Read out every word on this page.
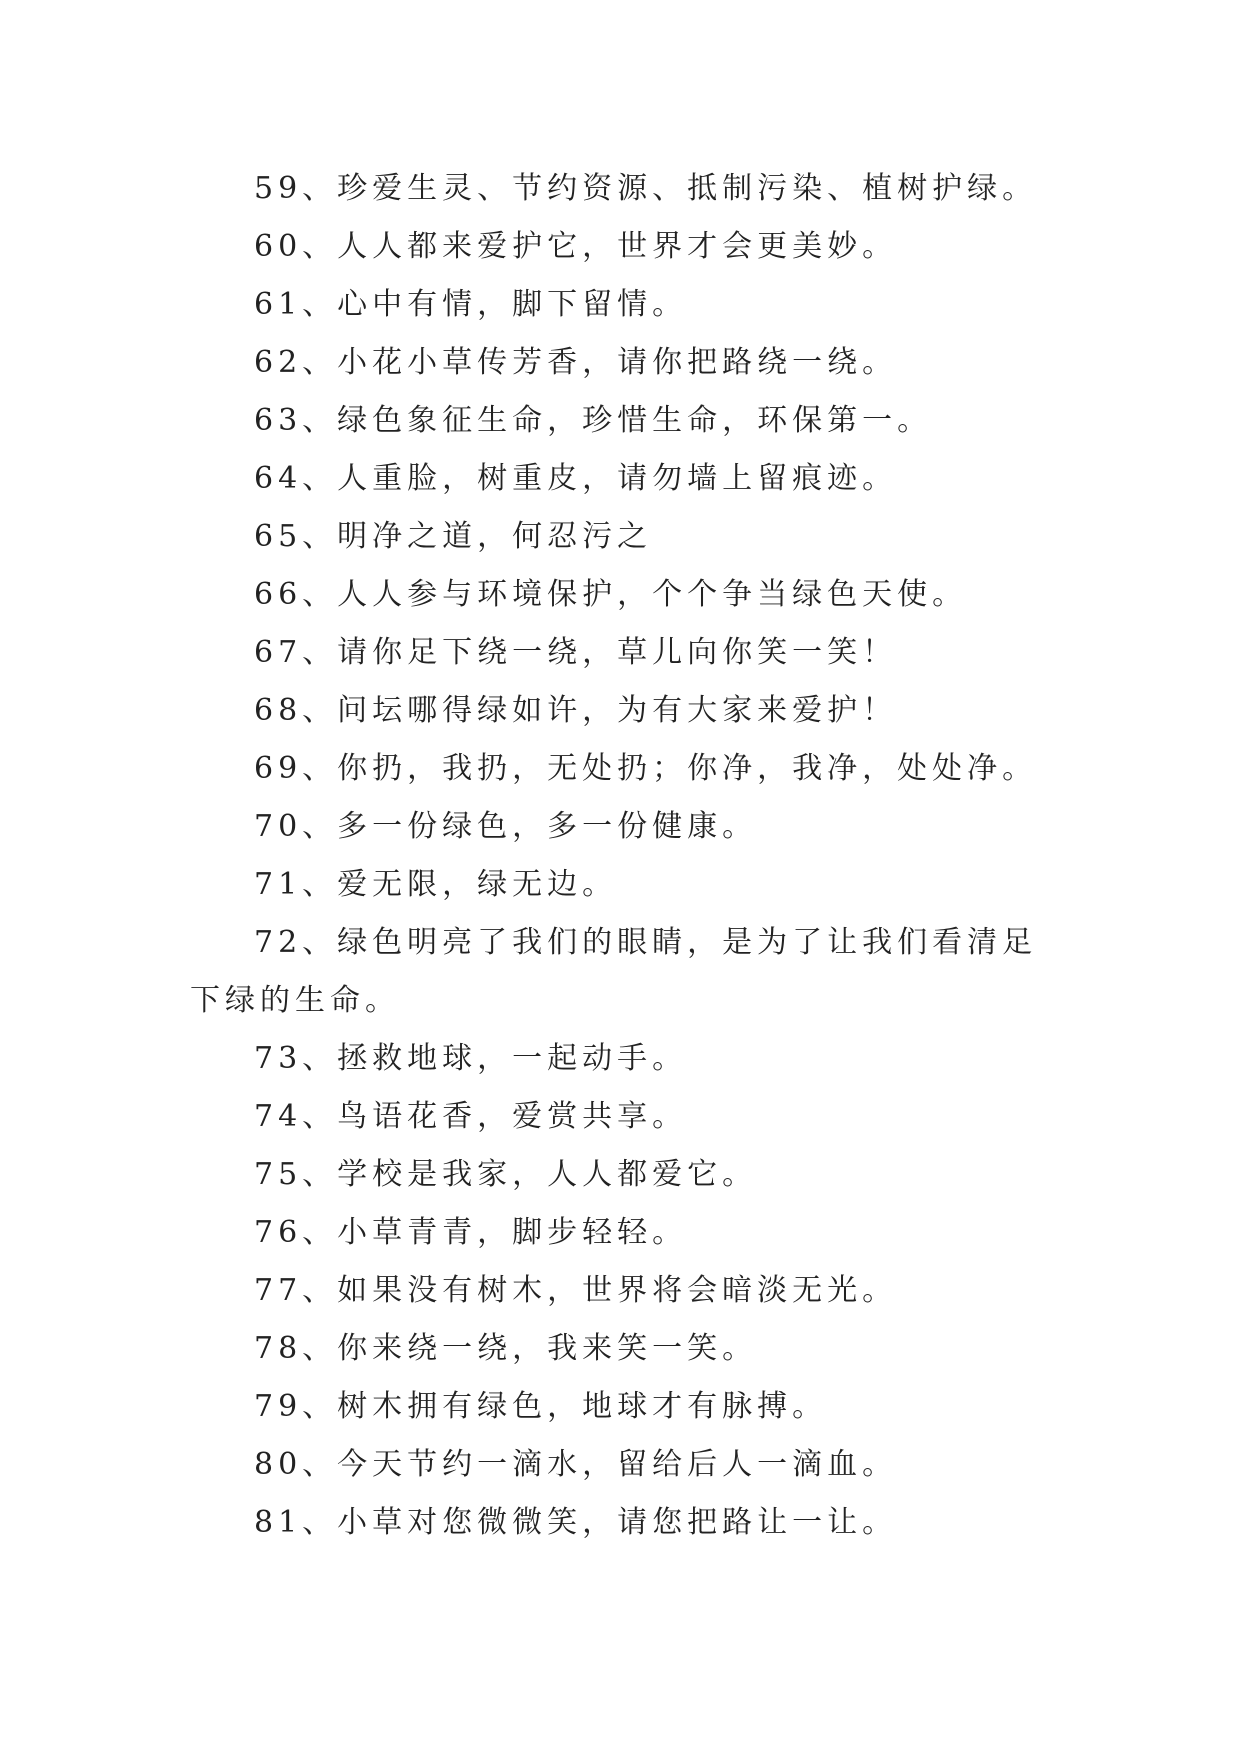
59、珍爱生灵、节约资源、抵制污染、植树护绿。

60、人人都来爱护它，世界才会更美妙。

61、心中有情，脚下留情。

62、小花小草传芳香，请你把路绕一绕。

63、绿色象征生命，珍惜生命，环保第一。

64、人重脸，树重皮，请勿墙上留痕迹。

65、明净之道，何忍污之

66、人人参与环境保护，个个争当绿色天使。

67、请你足下绕一绕，草儿向你笑一笑！

68、问坛哪得绿如许，为有大家来爱护！

69、你扔，我扔，无处扔；你净，我净，处处净。

70、多一份绿色，多一份健康。

71、爱无限，绿无边。

72、绿色明亮了我们的眼睛，是为了让我们看清足下绿的生命。

73、拯救地球，一起动手。

74、鸟语花香，爱赏共享。

75、学校是我家，人人都爱它。

76、小草青青，脚步轻轻。

77、如果没有树木，世界将会暗淡无光。

78、你来绕一绕，我来笑一笑。

79、树木拥有绿色，地球才有脉搏。

80、今天节约一滴水，留给后人一滴血。

81、小草对您微微笑，请您把路让一让。
